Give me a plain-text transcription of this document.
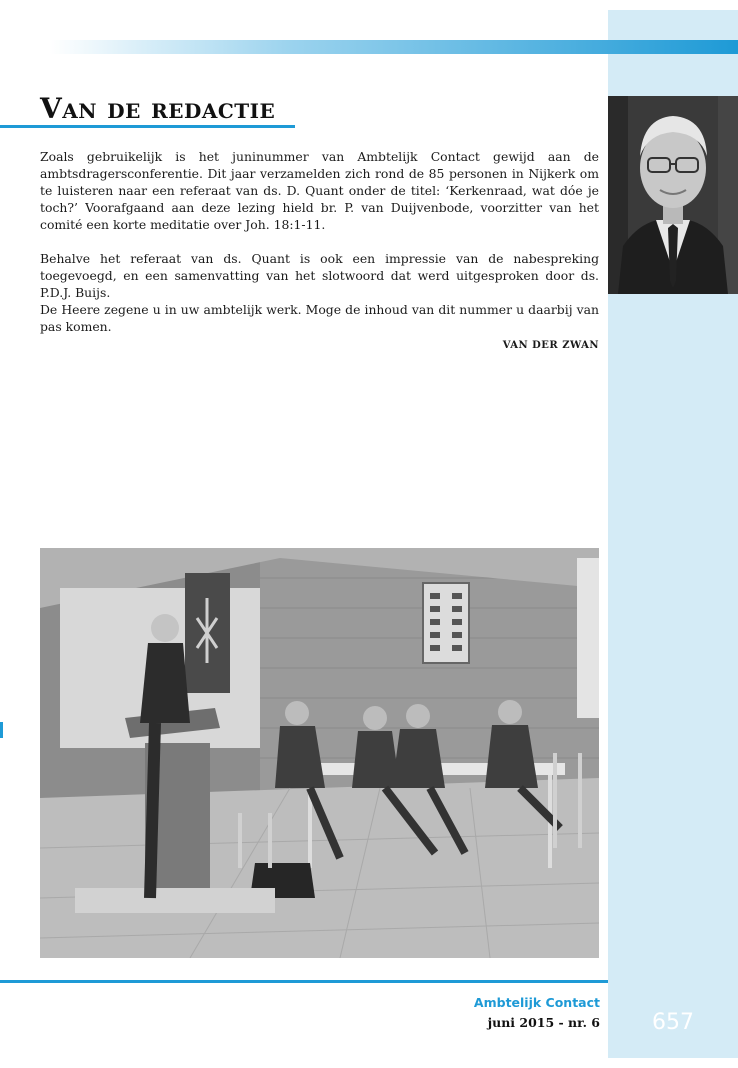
Van de redactie

Zoals gebruikelijk is het juninummer van Ambtelijk Contact gewijd aan de ambtsdragersconferentie. Dit jaar verzamelden zich rond de 85 personen in Nijkerk om te luisteren naar een referaat van ds. D. Quant onder de titel: ‘Kerkenraad, wat dóe je toch?’ Voorafgaand aan deze lezing hield br. P. van Duijvenbode, voorzitter van het comité een korte meditatie over Joh. 18:1-11.

Behalve het referaat van ds. Quant is ook een impressie van de nabespreking toegevoegd, en een samenvatting van het slotwoord dat werd uitgesproken door ds. P.D.J. Buijs.

De Heere zegene u in uw ambtelijk werk. Moge de inhoud van dit nummer u daarbij van pas komen.

VAN DER ZWAN
Ambtelijk Contact
juni 2015 - nr. 6	657
